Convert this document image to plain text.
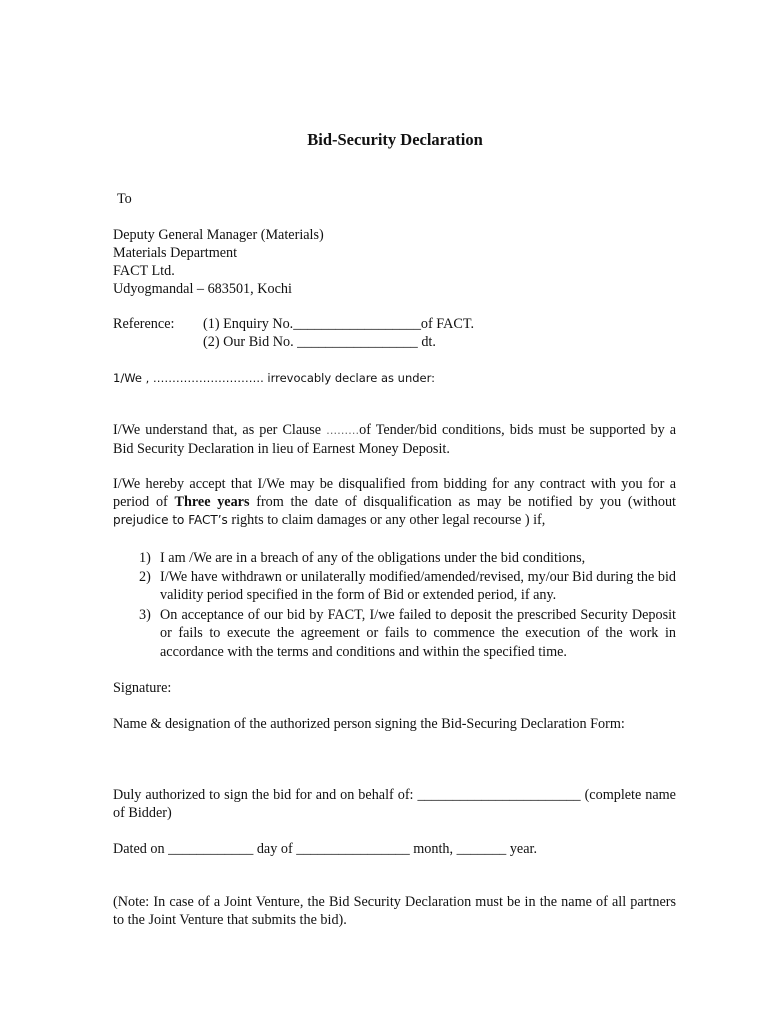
Bid-Security Declaration
To
Deputy General Manager (Materials)
Materials Department
FACT Ltd.
Udyogmandal – 683501, Kochi
Reference: (1) Enquiry No.__________________of FACT.
(2) Our Bid No. _________________ dt.
1/We , ……………………….. irrevocably declare as under:
I/We understand that, as per Clause ………of Tender/bid conditions, bids must be supported by a Bid Security Declaration in lieu of Earnest Money Deposit.
I/We hereby accept that I/We may be disqualified from bidding for any contract with you for a period of Three years from the date of disqualification as may be notified by you (without prejudice to FACT’s rights to claim damages or any other legal recourse ) if,
1) I am /We are in a breach of any of the obligations under the bid conditions,
2) I/We have withdrawn or unilaterally modified/amended/revised, my/our Bid during the bid validity period specified in the form of Bid or extended period, if any.
3) On acceptance of our bid by FACT, I/we failed to deposit the prescribed Security Deposit or fails to execute the agreement or fails to commence the execution of the work in accordance with the terms and conditions and within the specified time.
Signature:
Name & designation of the authorized person signing the Bid-Securing Declaration Form:
Duly authorized to sign the bid for and on behalf of: _______________________ (complete name of Bidder)
Dated on ____________ day of ________________ month, _______ year.
(Note: In case of a Joint Venture, the Bid Security Declaration must be in the name of all partners to the Joint Venture that submits the bid).
